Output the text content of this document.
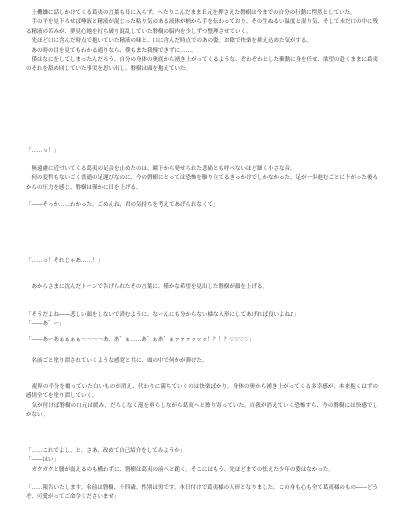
　上機嫌に話しかけてくる葛夷の言葉も耳に入らず、へたりこんだままＥ元を押さえた磐樹は今までの自分の行動に愕然としていた。
　手の平を見下ろせば唾液と精液が混じった粘り気のある液体が柄から手を伝わっており、その生ぬるい温度と湿り気、そして未だ口の中に残る精液の苦みが、夢見心地を打ち破り混乱していた磐樹の脳内を少しずつ整理させていく。
　先ほど口に含んだ時点で抱いていた精液の味と、口に含んだ時点でのあの姿。お陰で快楽を抑え込めた気がする。
　あの時の目を見てもわかる通りなら、僕もまた我慢できずに……。
　僕はなにをしてしまったんだろう。自分の身体の奥底から湧き上がってくるような、ぞわぞわとした衝動に身を任せ、欲望の赴くままに葛夷のそれを舐め回していた事実を思い出し、磐樹は頭を抱えていた。

「……っ！」

　無遠慮に近づいてくる葛夷の足音を止めたのは、瞳下から発せられた悲痛とも呼べないほど細く小さな音。
　何の変哲もないごく普通の足運びなのに、今の磐樹にとっては恐怖を駆り立てるきっかけでしかなかった。足が一歩進むごとに下がった後ろからの圧力を感じ、磐樹は僅かに目を上げる。

「――そっか……わかった。ごめんね、君の気持ちを考えてあげられなくて」

「……っ！それじゃあ……！」

　あからさまに沈んだトーンで告げられたその言葉に、僅かな希望を見出した磐樹が顔を上げる。

「そうだよね――悲しい顔をしないで済むように、なーんにも分からない様な人形にしてあげれば良いよね♪」
「――あ゛ー」

「――あーあぁぁぁぁ〜〜〜〜あ、あ゛ぁ……あ゛ぁあ゛ぁァァァッッッ！？！？♡♡♡♡」

　名前ごと塗り潰されていくような感覚と共に、頭の中で何かが弾けた。

　視界の半分を覆っていた白いものが消え、代わりに満ちていくのは快楽ばかり。身体の奥から湧き上がってくる多幸感が、本来抱くはずの感情全てを塗り潰していく。
　気が付けば磐樹の口元は緩み、だらしなく涎を垂らしながら葛夷へと擦り寄っていた。自我が消えていく恐怖すら、今の磐樹には快感でしかない。

「……これでよし、と。さあ、改めて自己紹介をしてみようか」
「――はい」
　ガクガクと腰が震えるのも構わずに、磐樹は葛夷の前へと跪く。そこにはもう、先ほどまでの怯えた少年の姿はなかった。

「……報告いたします。名前は磐樹、十四歳。性別は男です。本日付けで葛夷様の人形となりました。この身も心も全て葛夷様のもの――どうぞ、可愛がってご命令くださいませ」
